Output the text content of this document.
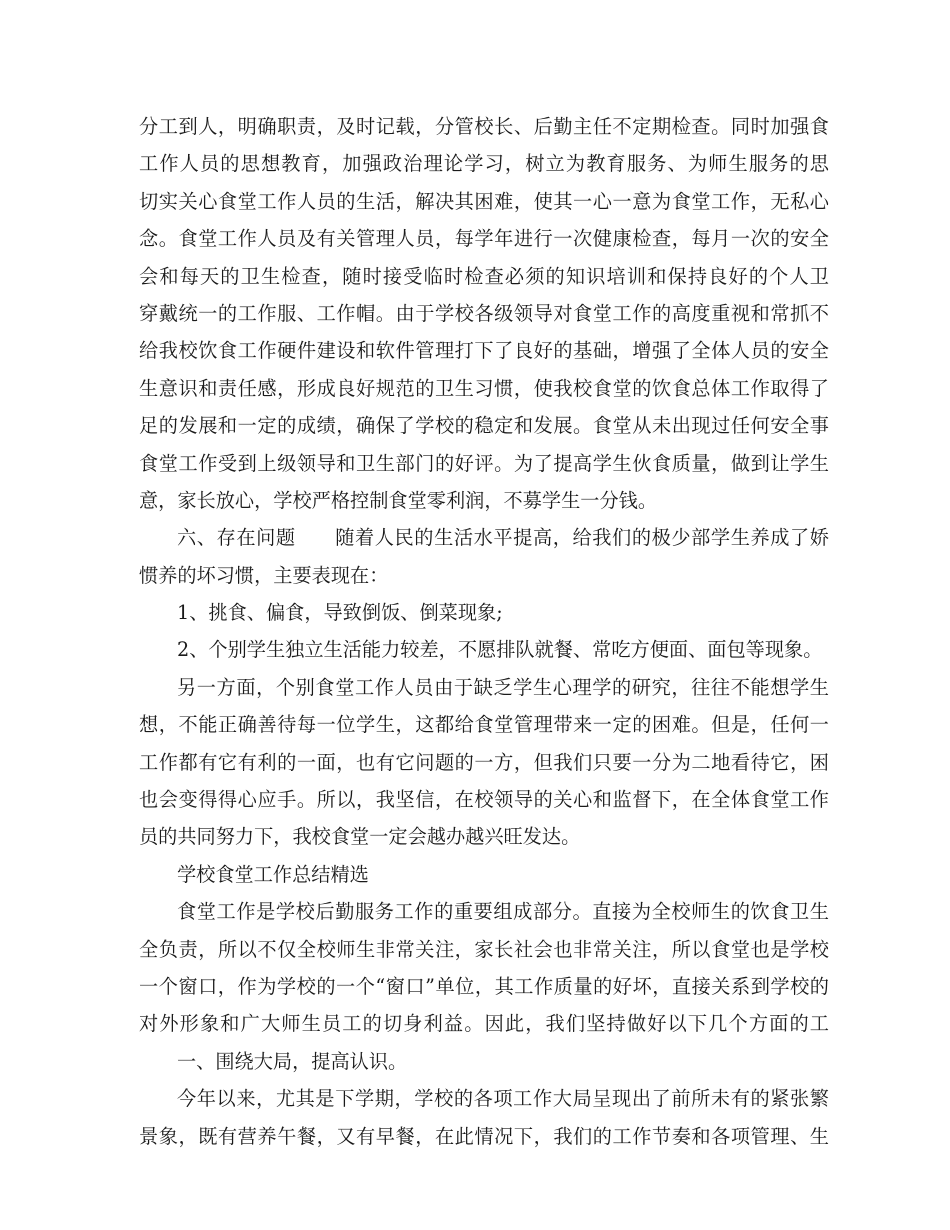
分工到人，明确职责，及时记载，分管校长、后勤主任不定期检查。同时加强食
工作人员的思想教育，加强政治理论学习，树立为教育服务、为师生服务的思
切实关心食堂工作人员的生活，解决其困难，使其一心一意为食堂工作，无私心
念。食堂工作人员及有关管理人员，每学年进行一次健康检查，每月一次的安全
会和每天的卫生检查，随时接受临时检查必须的知识培训和保持良好的个人卫
穿戴统一的工作服、工作帽。由于学校各级领导对食堂工作的高度重视和常抓不
给我校饮食工作硬件建设和软件管理打下了良好的基础，增强了全体人员的安全
生意识和责任感，形成良好规范的卫生习惯，使我校食堂的饮食总体工作取得了
足的发展和一定的成绩，确保了学校的稳定和发展。食堂从未出现过任何安全事
食堂工作受到上级领导和卫生部门的好评。为了提高学生伙食质量，做到让学生
意，家长放心，学校严格控制食堂零利润，不募学生一分钱。
六、存在问题　　随着人民的生活水平提高，给我们的极少部学生养成了娇
惯养的坏习惯，主要表现在：
1、挑食、偏食，导致倒饭、倒菜现象;
2、个别学生独立生活能力较差，不愿排队就餐、常吃方便面、面包等现象。
另一方面，个别食堂工作人员由于缺乏学生心理学的研究，往往不能想学生
想，不能正确善待每一位学生，这都给食堂管理带来一定的困难。但是，任何一
工作都有它有利的一面，也有它问题的一方，但我们只要一分为二地看待它，困
也会变得得心应手。所以，我坚信，在校领导的关心和监督下，在全体食堂工作
员的共同努力下，我校食堂一定会越办越兴旺发达。
学校食堂工作总结精选
食堂工作是学校后勤服务工作的重要组成部分。直接为全校师生的饮食卫生
全负责，所以不仅全校师生非常关注，家长社会也非常关注，所以食堂也是学校
一个窗口，作为学校的一个“窗口”单位，其工作质量的好坏，直接关系到学校的
对外形象和广大师生员工的切身利益。因此，我们坚持做好以下几个方面的工
一、围绕大局，提高认识。
今年以来，尤其是下学期，学校的各项工作大局呈现出了前所未有的紧张繁
景象，既有营养午餐，又有早餐，在此情况下，我们的工作节奏和各项管理、生
